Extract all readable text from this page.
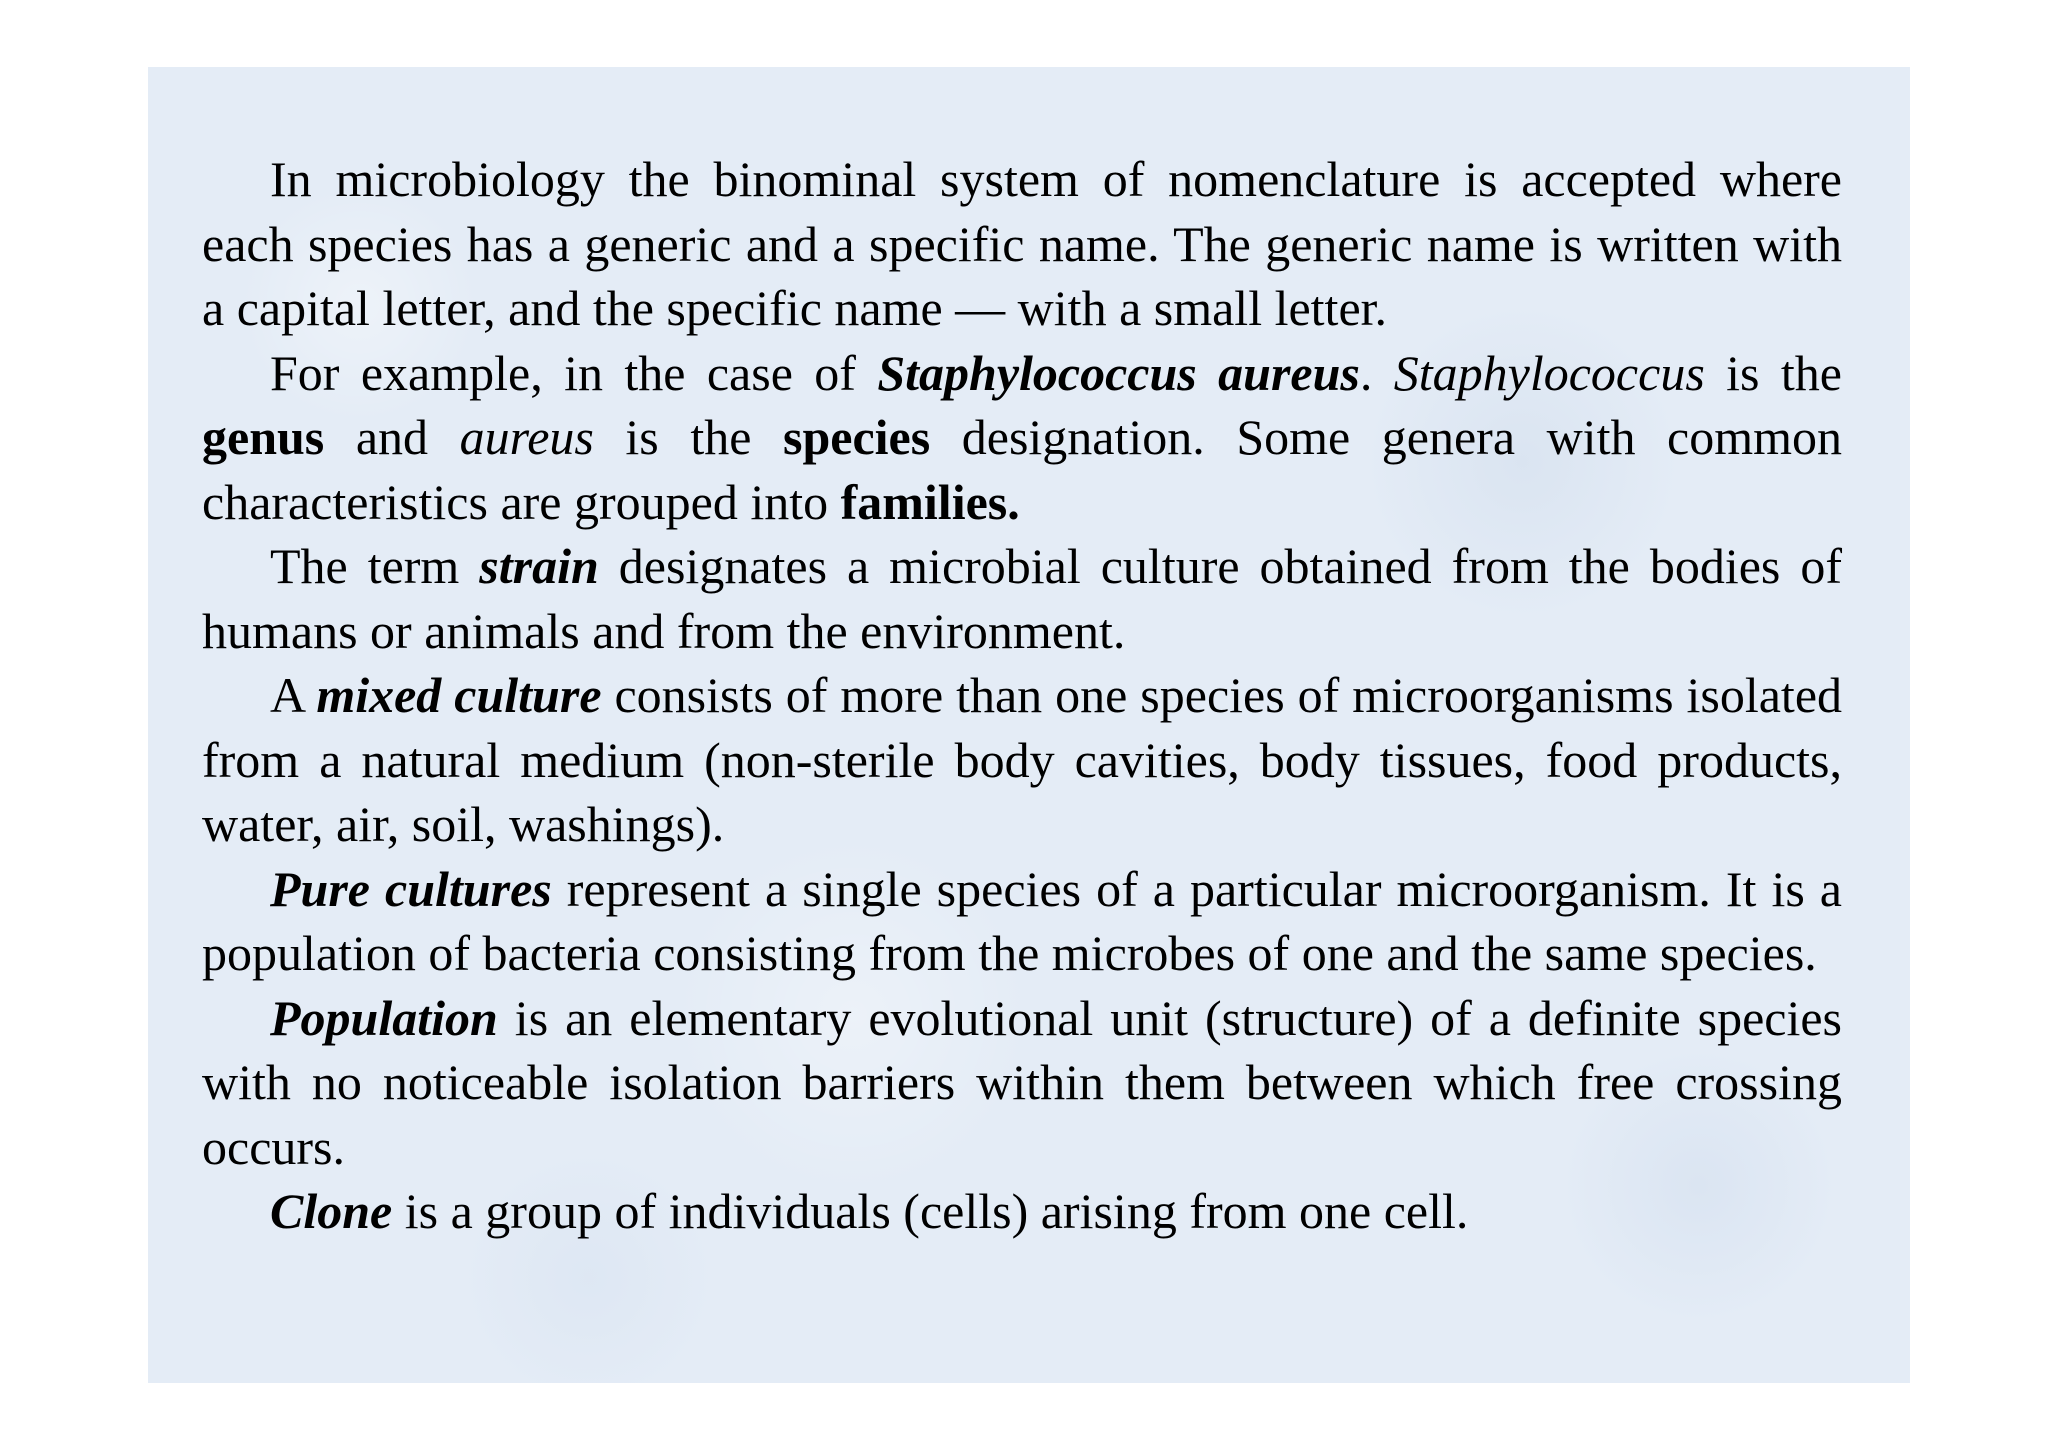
In microbiology the binominal system of nomenclature is accepted where each species has a generic and a specific name. The generic name is written with a capital letter, and the specific name — with a small letter.

For example, in the case of Staphylococcus aureus. Staphylococcus is the genus and aureus is the species designation. Some genera with common characteristics are grouped into families.

The term strain designates a microbial culture obtained from the bodies of humans or animals and from the environment.

A mixed culture consists of more than one species of microorganisms isolated from a natural medium (non-sterile body cavities, body tissues, food products, water, air, soil, washings).

Pure cultures represent a single species of a particular microorganism. It is a population of bacteria consisting from the microbes of one and the same species.

Population is an elementary evolutional unit (structure) of a definite species with no noticeable isolation barriers within them between which free crossing occurs.

Clone is a group of individuals (cells) arising from one cell.
